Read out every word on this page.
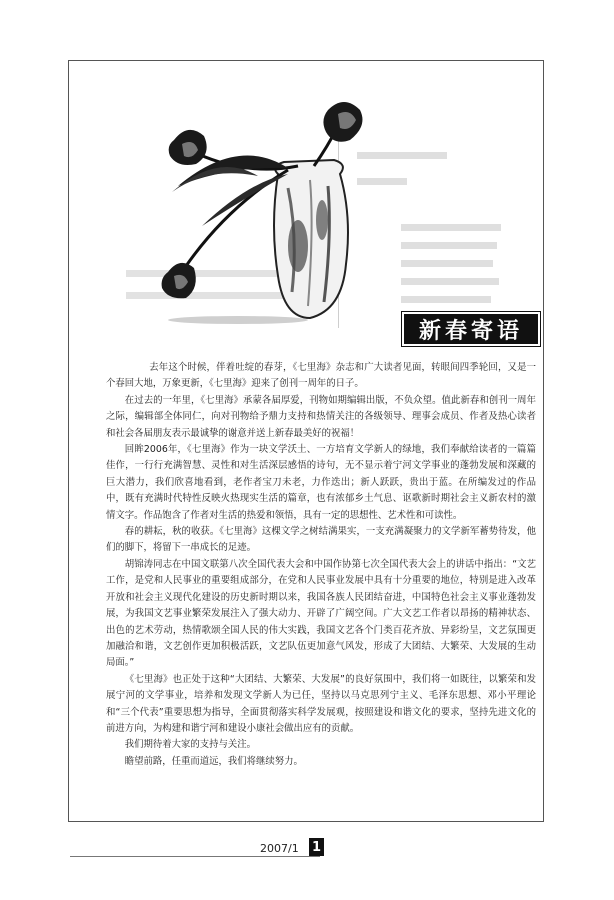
新春寄语

去年这个时候，伴着吐绽的春芽，《七里海》杂志和广大读者见面，转眼间四季轮回，又是一个春回大地，万象更新，《七里海》迎来了创刊一周年的日子。

在过去的一年里，《七里海》承蒙各届厚爱，刊物如期编辑出版，不负众望。值此新春和创刊一周年之际，编辑部全体同仁，向对刊物给予鼎力支持和热情关注的各级领导、理事会成员、作者及热心读者和社会各届朋友表示最诚挚的谢意并送上新春最美好的祝福！

回眸2006年，《七里海》作为一块文学沃土、一方培育文学新人的绿地，我们奉献给读者的一篇篇佳作，一行行充满智慧、灵性和对生活深层感悟的诗句，无不显示着宁河文学事业的蓬勃发展和深藏的巨大潜力，我们欣喜地看到，老作者宝刀未老，力作迭出；新人跃跃，贵出于蓝。在所编发过的作品中，既有充满时代特性反映火热现实生活的篇章，也有浓郁乡土气息、讴歌新时期社会主义新农村的激情文字。作品饱含了作者对生活的热爱和领悟，具有一定的思想性、艺术性和可读性。

春的耕耘，秋的收获。《七里海》这棵文学之树结满果实，一支充满凝聚力的文学新军蓄势待发，他们的脚下，将留下一串成长的足迹。

胡锦涛同志在中国文联第八次全国代表大会和中国作协第七次全国代表大会上的讲话中指出：“文艺工作，是党和人民事业的重要组成部分，在党和人民事业发展中具有十分重要的地位，特别是进入改革开放和社会主义现代化建设的历史新时期以来，我国各族人民团结奋进，中国特色社会主义事业蓬勃发展，为我国文艺事业繁荣发展注入了强大动力、开辟了广阔空间。广大文艺工作者以昂扬的精神状态、出色的艺术劳动，热情歌颂全国人民的伟大实践，我国文艺各个门类百花齐放、异彩纷呈，文艺氛围更加融洽和谐，文艺创作更加积极活跃，文艺队伍更加意气风发，形成了大团结、大繁荣、大发展的生动局面。”

《七里海》也正处于这种“大团结、大繁荣、大发展”的良好氛围中，我们将一如既往，以繁荣和发展宁河的文学事业，培养和发现文学新人为已任，坚持以马克思列宁主义、毛泽东思想、邓小平理论和“三个代表”重要思想为指导，全面贯彻落实科学发展观，按照建设和谐文化的要求，坚持先进文化的前进方向，为构建和谐宁河和建设小康社会做出应有的贡献。

我们期待着大家的支持与关注。

瞻望前路，任重而道远，我们将继续努力。

2007/1 1
